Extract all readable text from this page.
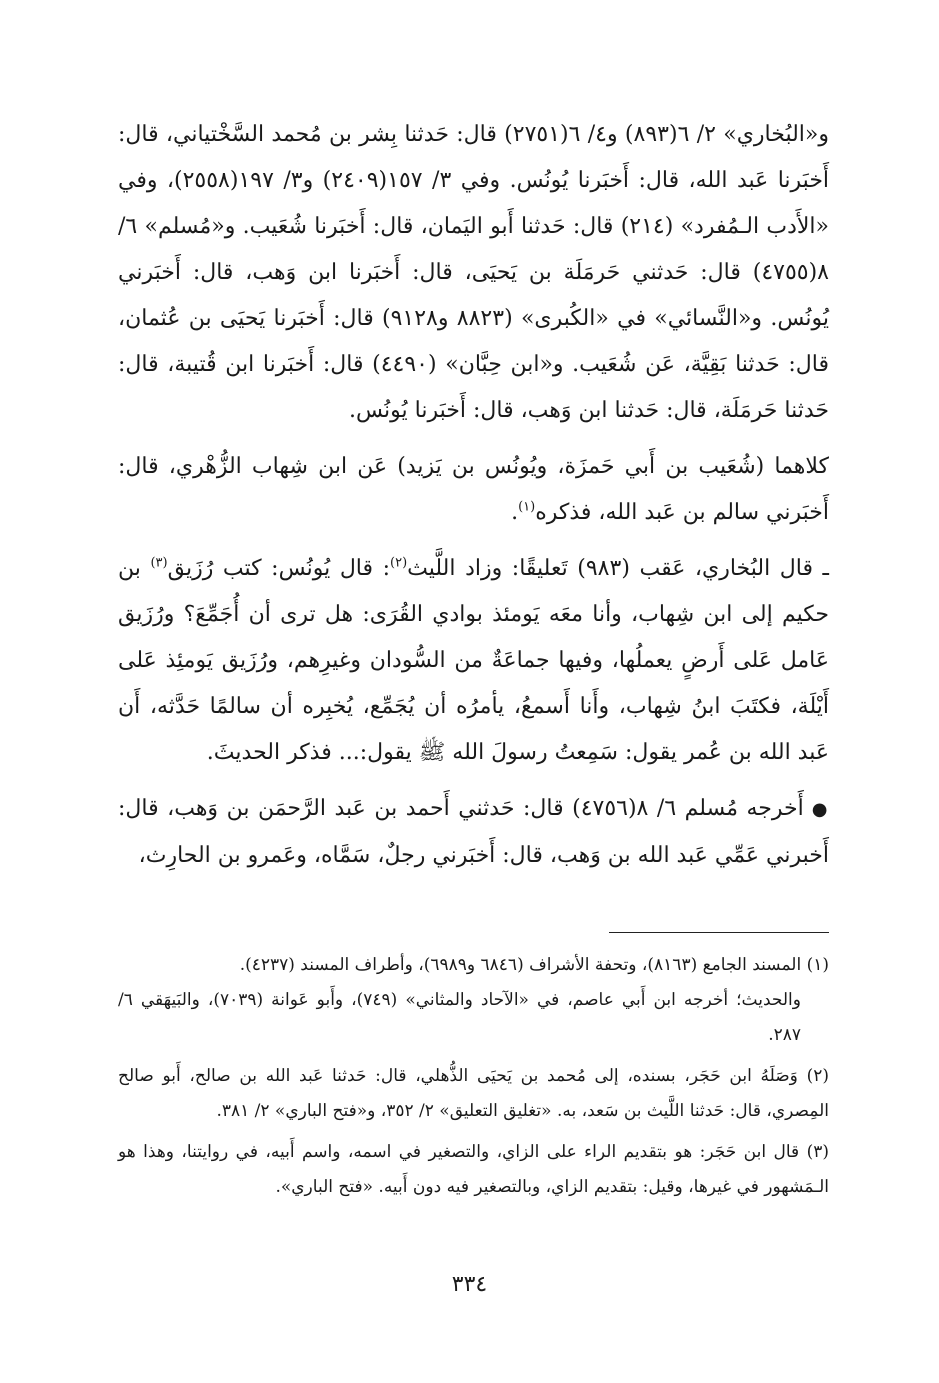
و«البُخاري» ٢/ ٦(٨٩٣) و٤/ ٦(٢٧٥١) قال: حَدثنا بِشر بن مُحمد السَّخْتياني، قال: أَخبَرنا عَبد الله، قال: أَخبَرنا يُونُس. وفي ٣/ ١٥٧(٢٤٠٩) و٣/ ١٩٧(٢٥٥٨)، وفي «الأَدب الـمُفرد» (٢١٤) قال: حَدثنا أَبو اليَمان، قال: أَخبَرنا شُعَيب. و«مُسلم» ٦/ ٨(٤٧٥٥) قال: حَدثني حَرمَلَة بن يَحيَى، قال: أَخبَرنا ابن وَهب، قال: أَخبَرني يُونُس. و«النَّسائي» في «الكُبرى» (٨٨٢٣ و٩١٢٨) قال: أَخبَرنا يَحيَى بن عُثمان، قال: حَدثنا بَقِيَّة، عَن شُعَيب. و«ابن حِبَّان» (٤٤٩٠) قال: أَخبَرنا ابن قُتيبة، قال: حَدثنا حَرمَلَة، قال: حَدثنا ابن وَهب، قال: أَخبَرنا يُونُس.

كلاهما (شُعَيب بن أَبي حَمزَة، ويُونُس بن يَزيد) عَن ابن شِهاب الزُّهْري، قال: أَخبَرني سالم بن عَبد الله، فذكره$^{(١)}$.

ـ قال البُخاري، عَقب (٩٨٣) تَعليقًا: وزاد اللَّيث$^{(٢)}$: قال يُونُس: كتب رُزَيق$^{(٣)}$ بن حكيم إلى ابن شِهاب، وأنا معَه يَومئذ بوادي القُرَى: هل ترى أن أُجَمِّعَ؟ ورُزَيق عَامل عَلى أَرضٍ يعملُها، وفيها جماعَةٌ من السُّودان وغيرِهم، ورُزَيق يَومئِذ عَلى أَيْلَة، فكتَبَ ابنُ شِهاب، وأَنا أَسمعُ، يأمرُه أن يُجَمِّع، يُخبِره أن سالمًا حَدَّثه، أَن عَبد الله بن عُمر يقول: سَمِعتُ رسولَ الله ﷺ يقول:... فذكر الحديثَ.

●أَخرجه مُسلم ٦/ ٨(٤٧٥٦) قال: حَدثني أَحمد بن عَبد الرَّحمَن بن وَهب، قال: أَخبرني عَمِّي عَبد الله بن وَهب، قال: أَخبَرني رجلٌ، سَمَّاه، وعَمرو بن الحارِث،

(١) المسند الجامع (٨١٦٣)، وتحفة الأشراف (٦٨٤٦ و٦٩٨٩)، وأطراف المسند (٤٢٣٧).
والحديث؛ أخرجه ابن أَبي عاصم، في «الآحاد والمثاني» (٧٤٩)، وأَبو عَوانة (٧٠٣٩)، والبَيهَقي ٦/ ٢٨٧.
(٢) وَصَلَهُ ابن حَجَر، بسنده، إلى مُحمد بن يَحيَى الذُّهلي، قال: حَدثنا عَبد الله بن صالح، أَبو صالح المِصري، قال: حَدثنا اللَّيث بن سَعد، به. «تغليق التعليق» ٢/ ٣٥٢، و«فتح الباري» ٢/ ٣٨١.
(٣) قال ابن حَجَر: هو بتقديم الراء على الزاي، والتصغير في اسمه، واسم أَبيه، في روايتنا، وهذا هو الـمَشهور في غيرها، وقيل: بتقديم الزاي، وبالتصغير فيه دون أَبيه. «فتح الباري».
٣٣٤
